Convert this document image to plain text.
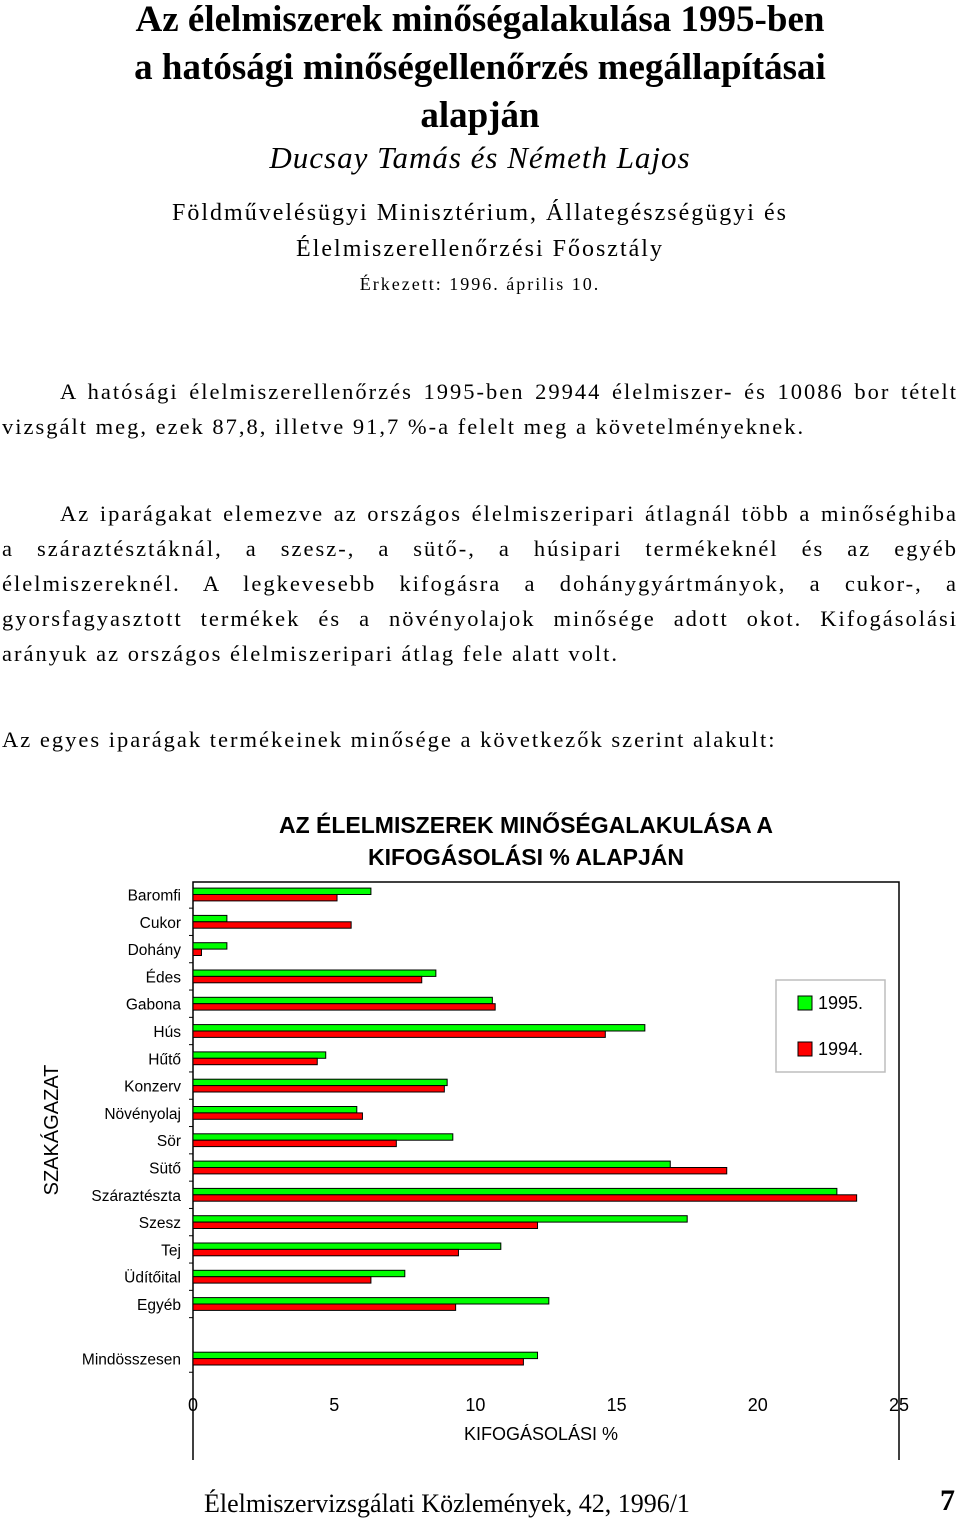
Az élelmiszerek minőségalakulása 1995-ben
a hatósági minőségellenőrzés megállapításai
alapján
Ducsay Tamás és Németh Lajos
Földművelésügyi Minisztérium, Állategészségügyi és
Élelmiszerellenőrzési Főosztály
Érkezett: 1996. április 10.

A hatósági élelmiszerellenőrzés 1995-ben 29944 élelmiszer- és 10086 bor tételt vizsgált meg, ezek 87,8, illetve 91,7 %-a felelt meg a követelményeknek.

Az iparágakat elemezve az országos élelmiszeripari átlagnál több a minőséghiba a száraztésztáknál, a szesz-, a sütő-, a húsipari termékeknél és az egyéb élelmiszereknél. A legkevesebb kifogásra a dohánygyártmányok, a cukor-, a gyorsfagyasztott termékek és a növényolajok minősége adott okot. Kifogásolási arányuk az országos élelmiszeripari átlag fele alatt volt.

Az egyes iparágak termékeinek minősége a következők szerint alakult:

AZ ÉLELMISZEREK MINŐSÉGALAKULÁSA A
KIFOGÁSOLÁSI % ALAPJÁN
Baromfi
Cukor
Dohány
Édes
Gabona
Hús
Hűtő
Konzerv
Növényolaj
Sör
Sütő
Száraztészta
Szesz
Tej
Üdítőital
Egyéb
Mindösszesen
0	5	10	15	20	25
KIFOGÁSOLÁSI %
SZAKÁGAZAT
1995.
1994.
Élelmiszervizsgálati Közlemények, 42, 1996/1	7
